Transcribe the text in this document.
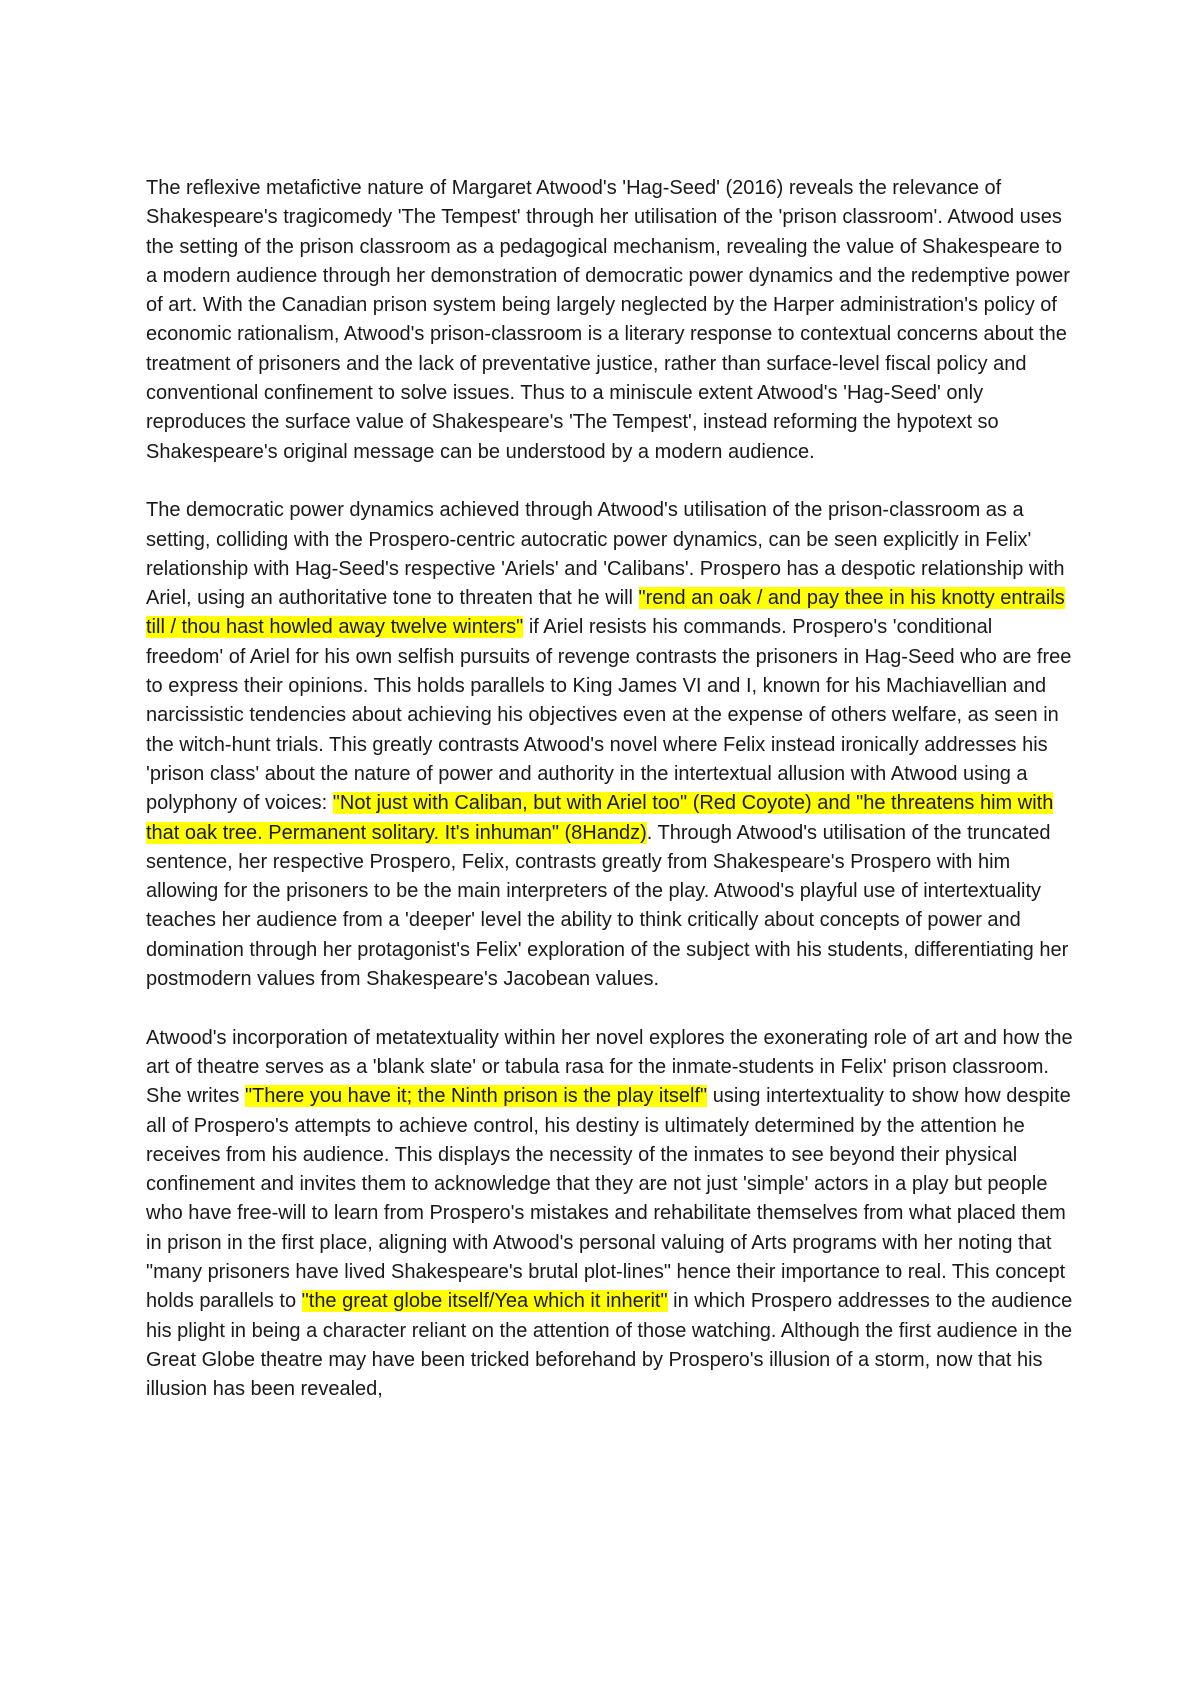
The reflexive metafictive nature of Margaret Atwood's 'Hag-Seed' (2016) reveals the relevance of Shakespeare's tragicomedy 'The Tempest' through her utilisation of the 'prison classroom'. Atwood uses the setting of the prison classroom as a pedagogical mechanism, revealing the value of Shakespeare to a modern audience through her demonstration of democratic power dynamics and the redemptive power of art. With the Canadian prison system being largely neglected by the Harper administration's policy of economic rationalism, Atwood's prison-classroom is a literary response to contextual concerns about the treatment of prisoners and the lack of preventative justice, rather than surface-level fiscal policy and conventional confinement to solve issues. Thus to a miniscule extent Atwood's 'Hag-Seed' only reproduces the surface value of Shakespeare's 'The Tempest', instead reforming the hypotext so Shakespeare's original message can be understood by a modern audience.

The democratic power dynamics achieved through Atwood's utilisation of the prison-classroom as a setting, colliding with the Prospero-centric autocratic power dynamics, can be seen explicitly in Felix' relationship with Hag-Seed's respective 'Ariels' and 'Calibans'. Prospero has a despotic relationship with Ariel, using an authoritative tone to threaten that he will "rend an oak / and pay thee in his knotty entrails till / thou hast howled away twelve winters" if Ariel resists his commands. Prospero's 'conditional freedom' of Ariel for his own selfish pursuits of revenge contrasts the prisoners in Hag-Seed who are free to express their opinions. This holds parallels to King James VI and I, known for his Machiavellian and narcissistic tendencies about achieving his objectives even at the expense of others welfare, as seen in the witch-hunt trials. This greatly contrasts Atwood's novel where Felix instead ironically addresses his 'prison class' about the nature of power and authority in the intertextual allusion with Atwood using a polyphony of voices: "Not just with Caliban, but with Ariel too" (Red Coyote) and "he threatens him with that oak tree. Permanent solitary. It's inhuman" (8Handz). Through Atwood's utilisation of the truncated sentence, her respective Prospero, Felix, contrasts greatly from Shakespeare's Prospero with him allowing for the prisoners to be the main interpreters of the play. Atwood's playful use of intertextuality teaches her audience from a 'deeper' level the ability to think critically about concepts of power and domination through her protagonist's Felix' exploration of the subject with his students, differentiating her postmodern values from Shakespeare's Jacobean values.

Atwood's incorporation of metatextuality within her novel explores the exonerating role of art and how the art of theatre serves as a 'blank slate' or tabula rasa for the inmate-students in Felix' prison classroom. She writes "There you have it; the Ninth prison is the play itself" using intertextuality to show how despite all of Prospero's attempts to achieve control, his destiny is ultimately determined by the attention he receives from his audience. This displays the necessity of the inmates to see beyond their physical confinement and invites them to acknowledge that they are not just 'simple' actors in a play but people who have free-will to learn from Prospero's mistakes and rehabilitate themselves from what placed them in prison in the first place, aligning with Atwood's personal valuing of Arts programs with her noting that "many prisoners have lived Shakespeare's brutal plot-lines" hence their importance to real. This concept holds parallels to "the great globe itself/Yea which it inherit" in which Prospero addresses to the audience his plight in being a character reliant on the attention of those watching. Although the first audience in the Great Globe theatre may have been tricked beforehand by Prospero's illusion of a storm, now that his illusion has been revealed,
